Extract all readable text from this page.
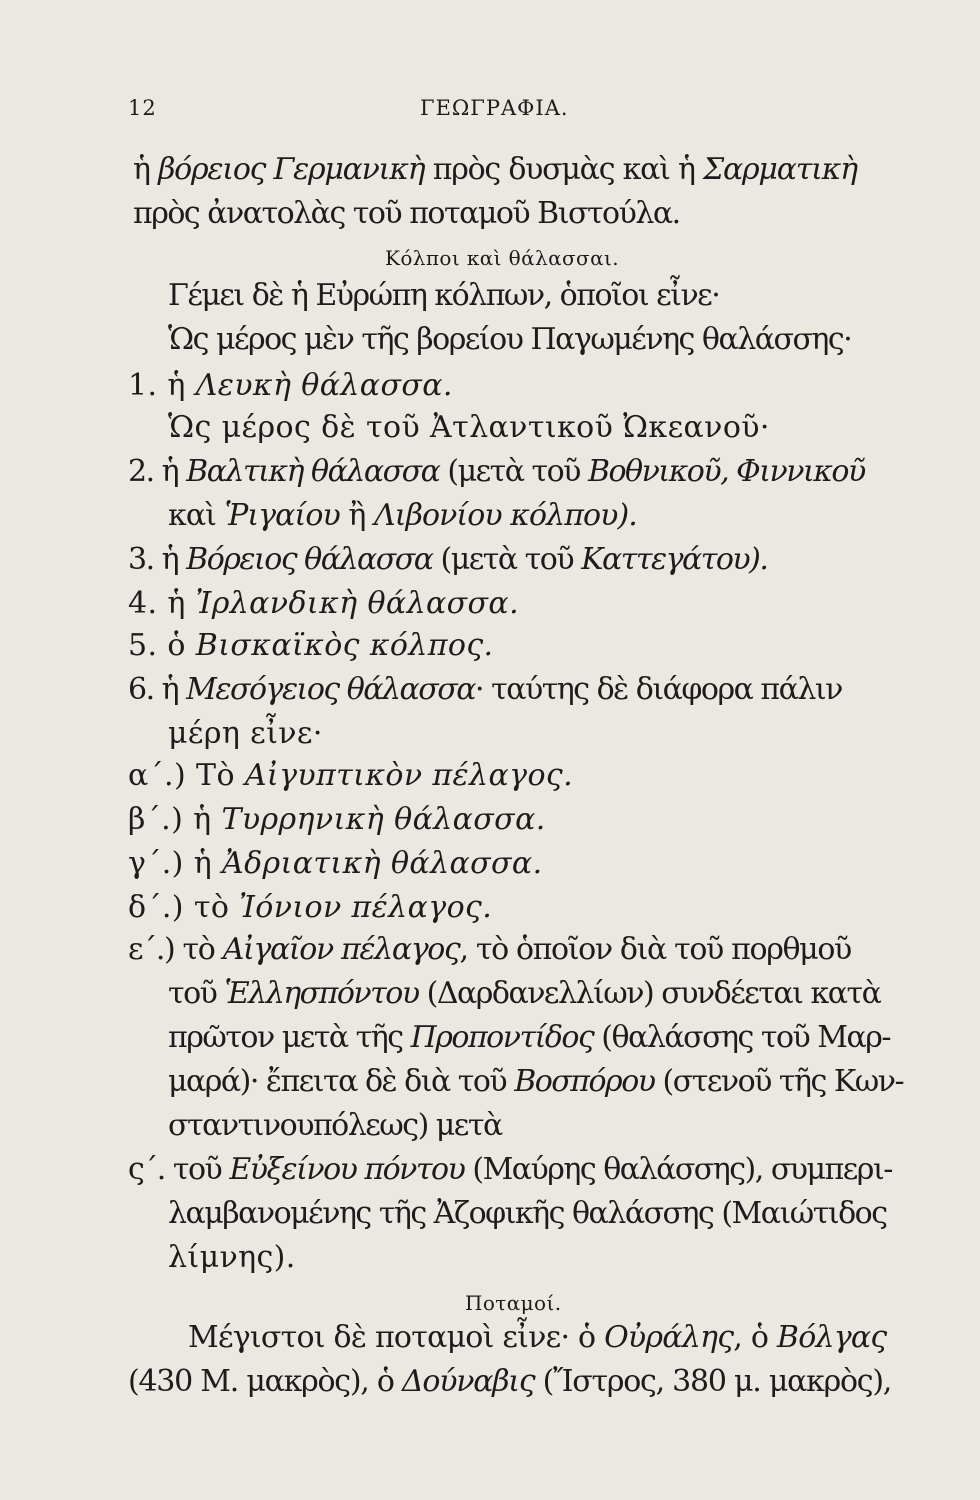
12	ΓΕΩΓΡΑΦΙΑ.
ἡ βόρειος Γερμανικὴ πρὸς δυσμὰς καὶ ἡ Σαρματικὴ
πρὸς ἀνατολὰς τοῦ ποταμοῦ Βιστούλα.
Κόλποι καὶ θάλασσαι.
Γέμει δὲ ἡ Εὐρώπη κόλπων, ὁποῖοι εἶνε·
Ὡς μέρος μὲν τῆς βορείου Παγωμένης θαλάσσης·
1. ἡ Λευκὴ θάλασσα.
Ὡς μέρος δὲ τοῦ Ἀτλαντικοῦ Ὠκεανοῦ·
2. ἡ Βαλτικὴ θάλασσα (μετὰ τοῦ Βοθνικοῦ, Φιννικοῦ
καὶ Ῥιγαίου ἢ Λιβονίου κόλπου).
3. ἡ Βόρειος θάλασσα (μετὰ τοῦ Καττεγάτου).
4. ἡ Ἰρλανδικὴ θάλασσα.
5. ὁ Βισκαϊκὸς κόλπος.
6. ἡ Μεσόγειος θάλασσα· ταύτης δὲ διάφορα πάλιν
μέρη εἶνε·
α΄.) Τὸ Αἰγυπτικὸν πέλαγος.
β΄.) ἡ Τυρρηνικὴ θάλασσα.
γ΄.) ἡ Ἀδριατικὴ θάλασσα.
δ΄.) τὸ Ἰόνιον πέλαγος.
ε΄.) τὸ Αἰγαῖον πέλαγος, τὸ ὁποῖον διὰ τοῦ πορθμοῦ
τοῦ Ἑλλησπόντου (Δαρδανελλίων) συνδέεται κατὰ
πρῶτον μετὰ τῆς Προποντίδος (θαλάσσης τοῦ Μαρ-
μαρά)· ἔπειτα δὲ διὰ τοῦ Βοσπόρου (στενοῦ τῆς Κων-
σταντινουπόλεως) μετὰ
ς΄. τοῦ Εὐξείνου πόντου (Μαύρης θαλάσσης), συμπερι-
λαμβανομένης τῆς Ἀζοφικῆς θαλάσσης (Μαιώτιδος
λίμνης).
Ποταμοί.
Μέγιστοι δὲ ποταμοὶ εἶνε· ὁ Οὐράλης, ὁ Βόλγας
(430 Μ. μακρὸς), ὁ Δούναβις (Ἴστρος, 380 μ. μακρὸς),
